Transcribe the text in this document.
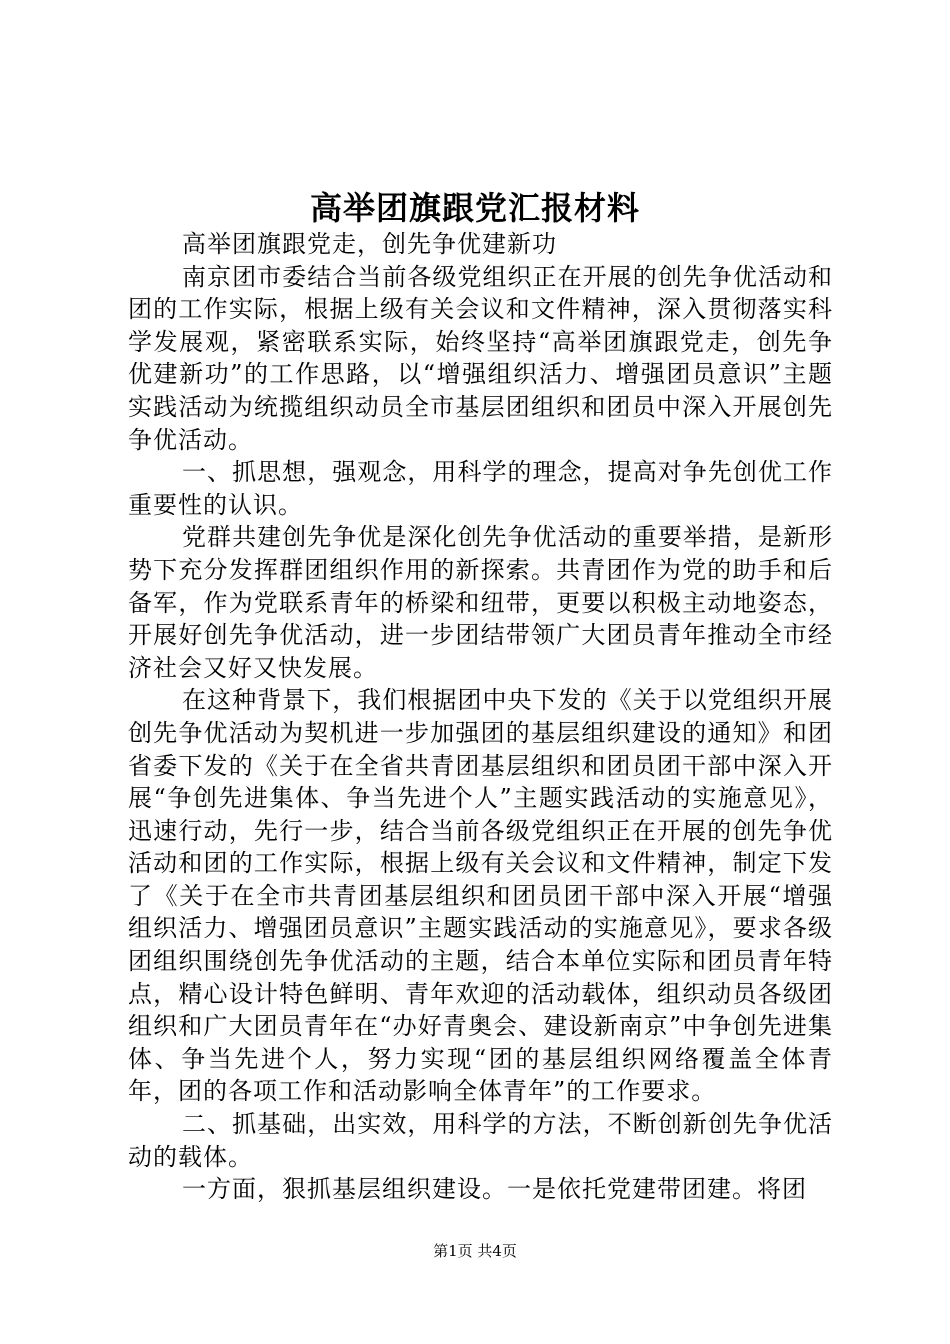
高举团旗跟党汇报材料

高举团旗跟党走，创先争优建新功

南京团市委结合当前各级党组织正在开展的创先争优活动和团的工作实际，根据上级有关会议和文件精神，深入贯彻落实科学发展观，紧密联系实际，始终坚持“高举团旗跟党走，创先争优建新功”的工作思路，以“增强组织活力、增强团员意识”主题实践活动为统揽组织动员全市基层团组织和团员中深入开展创先争优活动。

一、抓思想，强观念，用科学的理念，提高对争先创优工作重要性的认识。

党群共建创先争优是深化创先争优活动的重要举措，是新形势下充分发挥群团组织作用的新探索。共青团作为党的助手和后备军，作为党联系青年的桥梁和纽带，更要以积极主动地姿态，开展好创先争优活动，进一步团结带领广大团员青年推动全市经济社会又好又快发展。

在这种背景下，我们根据团中央下发的《关于以党组织开展创先争优活动为契机进一步加强团的基层组织建设的通知》和团省委下发的《关于在全省共青团基层组织和团员团干部中深入开展“争创先进集体、争当先进个人”主题实践活动的实施意见》，迅速行动，先行一步，结合当前各级党组织正在开展的创先争优活动和团的工作实际，根据上级有关会议和文件精神，制定下发了《关于在全市共青团基层组织和团员团干部中深入开展“增强组织活力、增强团员意识”主题实践活动的实施意见》，要求各级团组织围绕创先争优活动的主题，结合本单位实际和团员青年特点，精心设计特色鲜明、青年欢迎的活动载体，组织动员各级团组织和广大团员青年在“办好青奥会、建设新南京”中争创先进集体、争当先进个人，努力实现“团的基层组织网络覆盖全体青年，团的各项工作和活动影响全体青年”的工作要求。

二、抓基础，出实效，用科学的方法，不断创新创先争优活动的载体。

一方面，狠抓基层组织建设。一是依托党建带团建。将团

第1页 共4页
